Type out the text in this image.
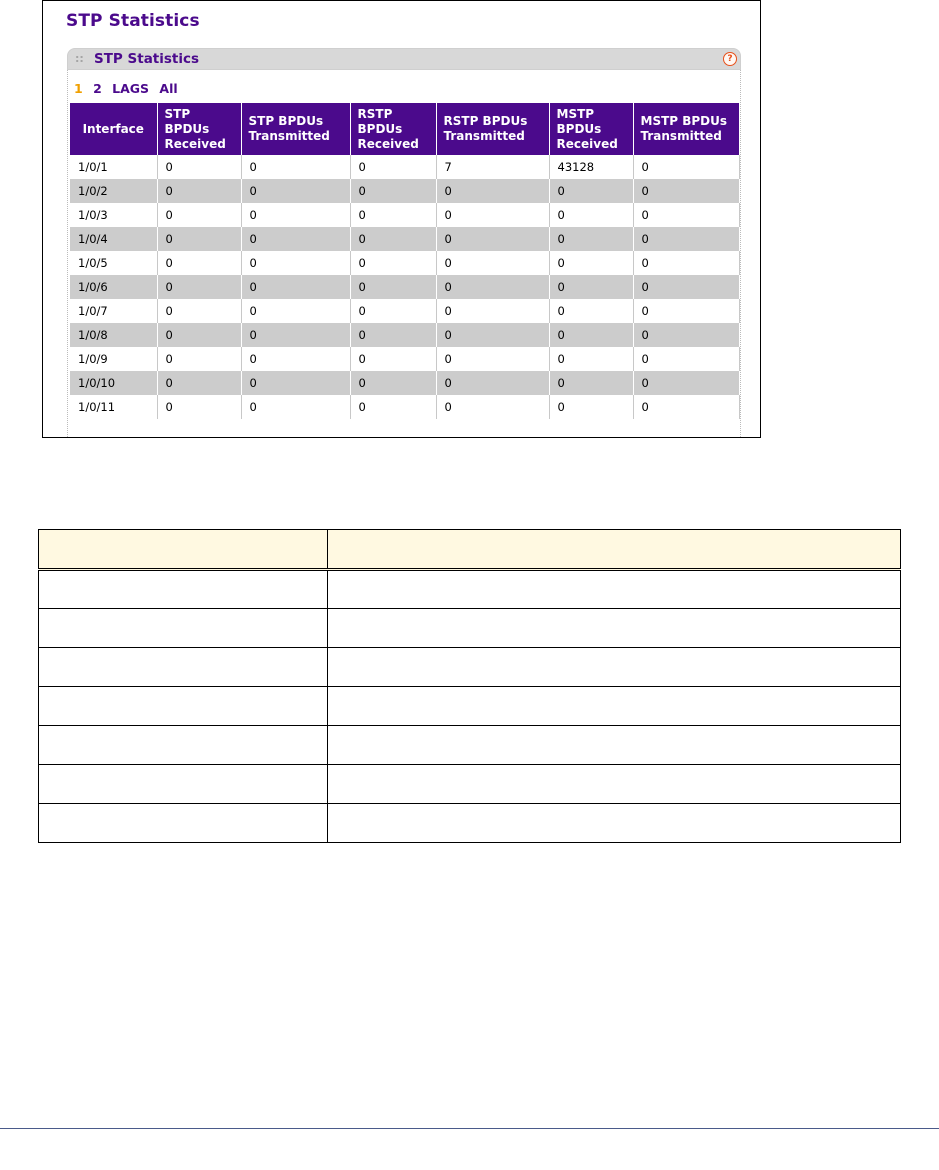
STP Statistics
:: STP Statistics	?
1 2 LAGS All
Interface	STP BPDUs Received	STP BPDUs Transmitted	RSTP BPDUs Received	RSTP BPDUs Transmitted	MSTP BPDUs Received	MSTP BPDUs Transmitted
1/0/1	0	0	0	7	43128	0
1/0/2	0	0	0	0	0	0
1/0/3	0	0	0	0	0	0
1/0/4	0	0	0	0	0	0
1/0/5	0	0	0	0	0	0
1/0/6	0	0	0	0	0	0
1/0/7	0	0	0	0	0	0
1/0/8	0	0	0	0	0	0
1/0/9	0	0	0	0	0	0
1/0/10	0	0	0	0	0	0
1/0/11	0	0	0	0	0	0
